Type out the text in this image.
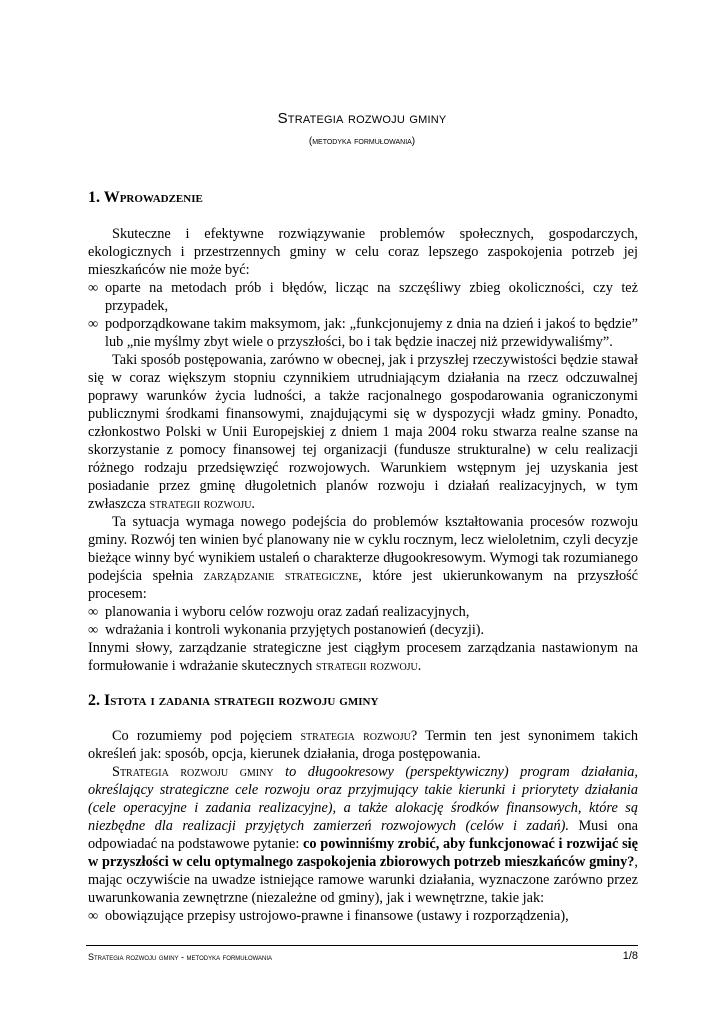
Strategia rozwoju gminy
(metodyka formułowania)
1. Wprowadzenie

Skuteczne i efektywne rozwiązywanie problemów społecznych, gospodarczych, ekologicznych i przestrzennych gminy w celu coraz lepszego zaspokojenia potrzeb jej mieszkańców nie może być:

∞ oparte na metodach prób i błędów, licząc na szczęśliwy zbieg okoliczności, czy też przypadek,

∞ podporządkowane takim maksymom, jak: „funkcjonujemy z dnia na dzień i jakoś to będzie” lub „nie myślmy zbyt wiele o przyszłości, bo i tak będzie inaczej niż przewidywaliśmy”.

Taki sposób postępowania, zarówno w obecnej, jak i przyszłej rzeczywistości będzie stawał się w coraz większym stopniu czynnikiem utrudniającym działania na rzecz odczuwalnej poprawy warunków życia ludności, a także racjonalnego gospodarowania ograniczonymi publicznymi środkami finansowymi, znajdującymi się w dyspozycji władz gminy. Ponadto, członkostwo Polski w Unii Europejskiej z dniem 1 maja 2004 roku stwarza realne szanse na skorzystanie z pomocy finansowej tej organizacji (fundusze strukturalne) w celu realizacji różnego rodzaju przedsięwzięć rozwojowych. Warunkiem wstępnym jej uzyskania jest posiadanie przez gminę długoletnich planów rozwoju i działań realizacyjnych, w tym zwłaszcza strategii rozwoju.

Ta sytuacja wymaga nowego podejścia do problemów kształtowania procesów rozwoju gminy. Rozwój ten winien być planowany nie w cyklu rocznym, lecz wieloletnim, czyli decyzje bieżące winny być wynikiem ustaleń o charakterze długookresowym. Wymogi tak rozumianego podejścia spełnia zarządzanie strategiczne, które jest ukierunkowanym na przyszłość procesem:

∞ planowania i wyboru celów rozwoju oraz zadań realizacyjnych,

∞ wdrażania i kontroli wykonania przyjętych postanowień (decyzji).

Innymi słowy, zarządzanie strategiczne jest ciągłym procesem zarządzania nastawionym na formułowanie i wdrażanie skutecznych strategii rozwoju.

2. Istota i zadania strategii rozwoju gminy

Co rozumiemy pod pojęciem strategia rozwoju? Termin ten jest synonimem takich określeń jak: sposób, opcja, kierunek działania, droga postępowania.

Strategia rozwoju gminy to długookresowy (perspektywiczny) program działania, określający strategiczne cele rozwoju oraz przyjmujący takie kierunki i priorytety działania (cele operacyjne i zadania realizacyjne), a także alokację środków finansowych, które są niezbędne dla realizacji przyjętych zamierzeń rozwojowych (celów i zadań). Musi ona odpowiadać na podstawowe pytanie: co powinniśmy zrobić, aby funkcjonować i rozwijać się w przyszłości w celu optymalnego zaspokojenia zbiorowych potrzeb mieszkańców gminy?, mając oczywiście na uwadze istniejące ramowe warunki działania, wyznaczone zarówno przez uwarunkowania zewnętrzne (niezależne od gminy), jak i wewnętrzne, takie jak:

∞ obowiązujące przepisy ustrojowo-prawne i finansowe (ustawy i rozporządzenia),

Strategia rozwoju gminy - metodyka formułowania	1/8
